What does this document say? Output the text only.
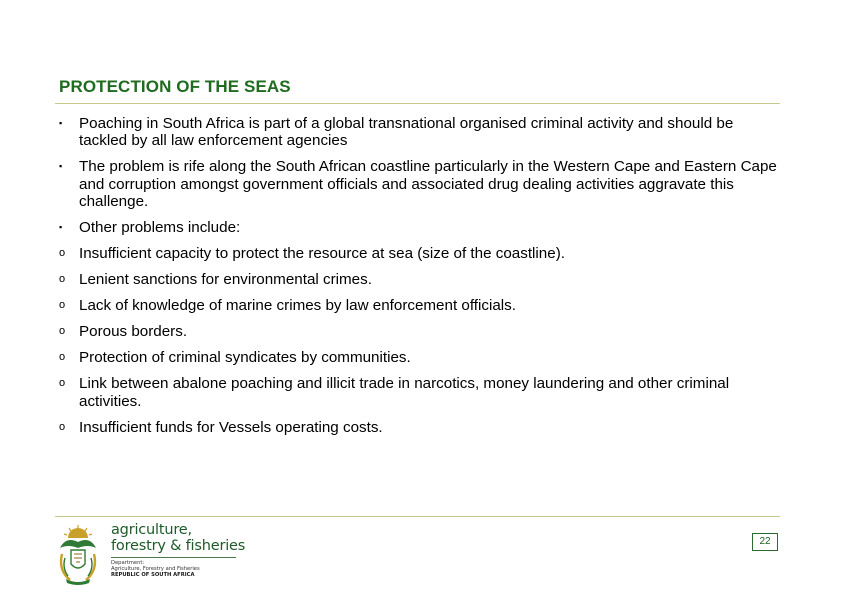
PROTECTION OF THE SEAS
▪	Poaching in South Africa is part of a global transnational organised criminal activity and should be tackled by all law enforcement agencies
▪	The problem is rife along the South African coastline particularly in the Western Cape and Eastern Cape and corruption amongst government officials and associated drug dealing activities aggravate this challenge.
▪	Other problems include:
o Insufficient capacity to protect the resource at sea (size of the coastline).
o Lenient sanctions for environmental crimes.
o Lack of knowledge of marine crimes by law enforcement officials.
o Porous borders.
o Protection of criminal syndicates by communities.
o Link between abalone poaching and illicit trade in narcotics, money laundering and other criminal activities.
o Insufficient funds for Vessels operating costs.
agriculture,
forestry & fisheries
Department:
Agriculture, Forestry and Fisheries
REPUBLIC OF SOUTH AFRICA
22
